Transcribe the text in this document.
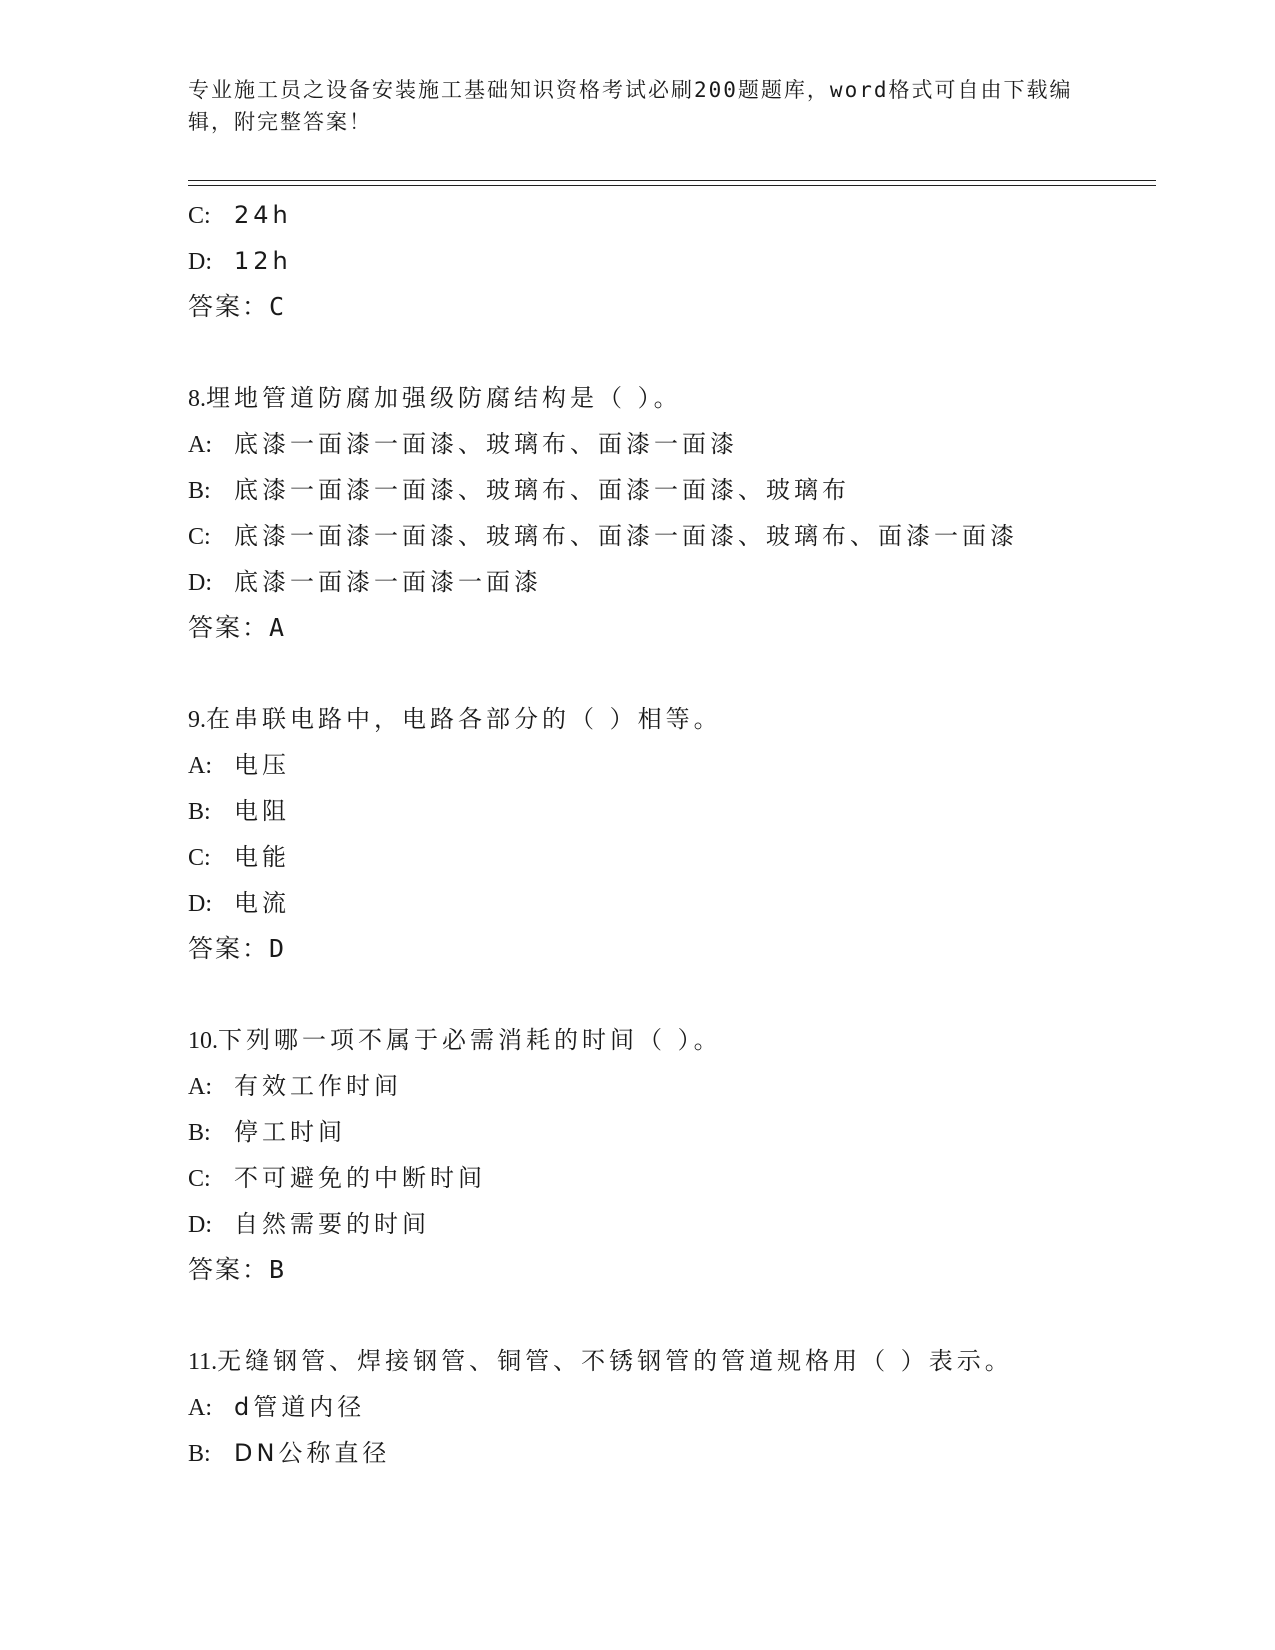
专业施工员之设备安装施工基础知识资格考试必刷200题题库，word格式可自由下载编辑，附完整答案！
C: 24h
D: 12h
答案：C
8.埋地管道防腐加强级防腐结构是（ ）。
A: 底漆一面漆一面漆、玻璃布、面漆一面漆
B: 底漆一面漆一面漆、玻璃布、面漆一面漆、玻璃布
C: 底漆一面漆一面漆、玻璃布、面漆一面漆、玻璃布、面漆一面漆
D: 底漆一面漆一面漆一面漆
答案：A
9.在串联电路中，电路各部分的（ ）相等。
A: 电压
B: 电阻
C: 电能
D: 电流
答案：D
10.下列哪一项不属于必需消耗的时间（ ）。
A: 有效工作时间
B: 停工时间
C: 不可避免的中断时间
D: 自然需要的时间
答案：B
11.无缝钢管、焊接钢管、铜管、不锈钢管的管道规格用（ ）表示。
A: d管道内径
B: DN公称直径
